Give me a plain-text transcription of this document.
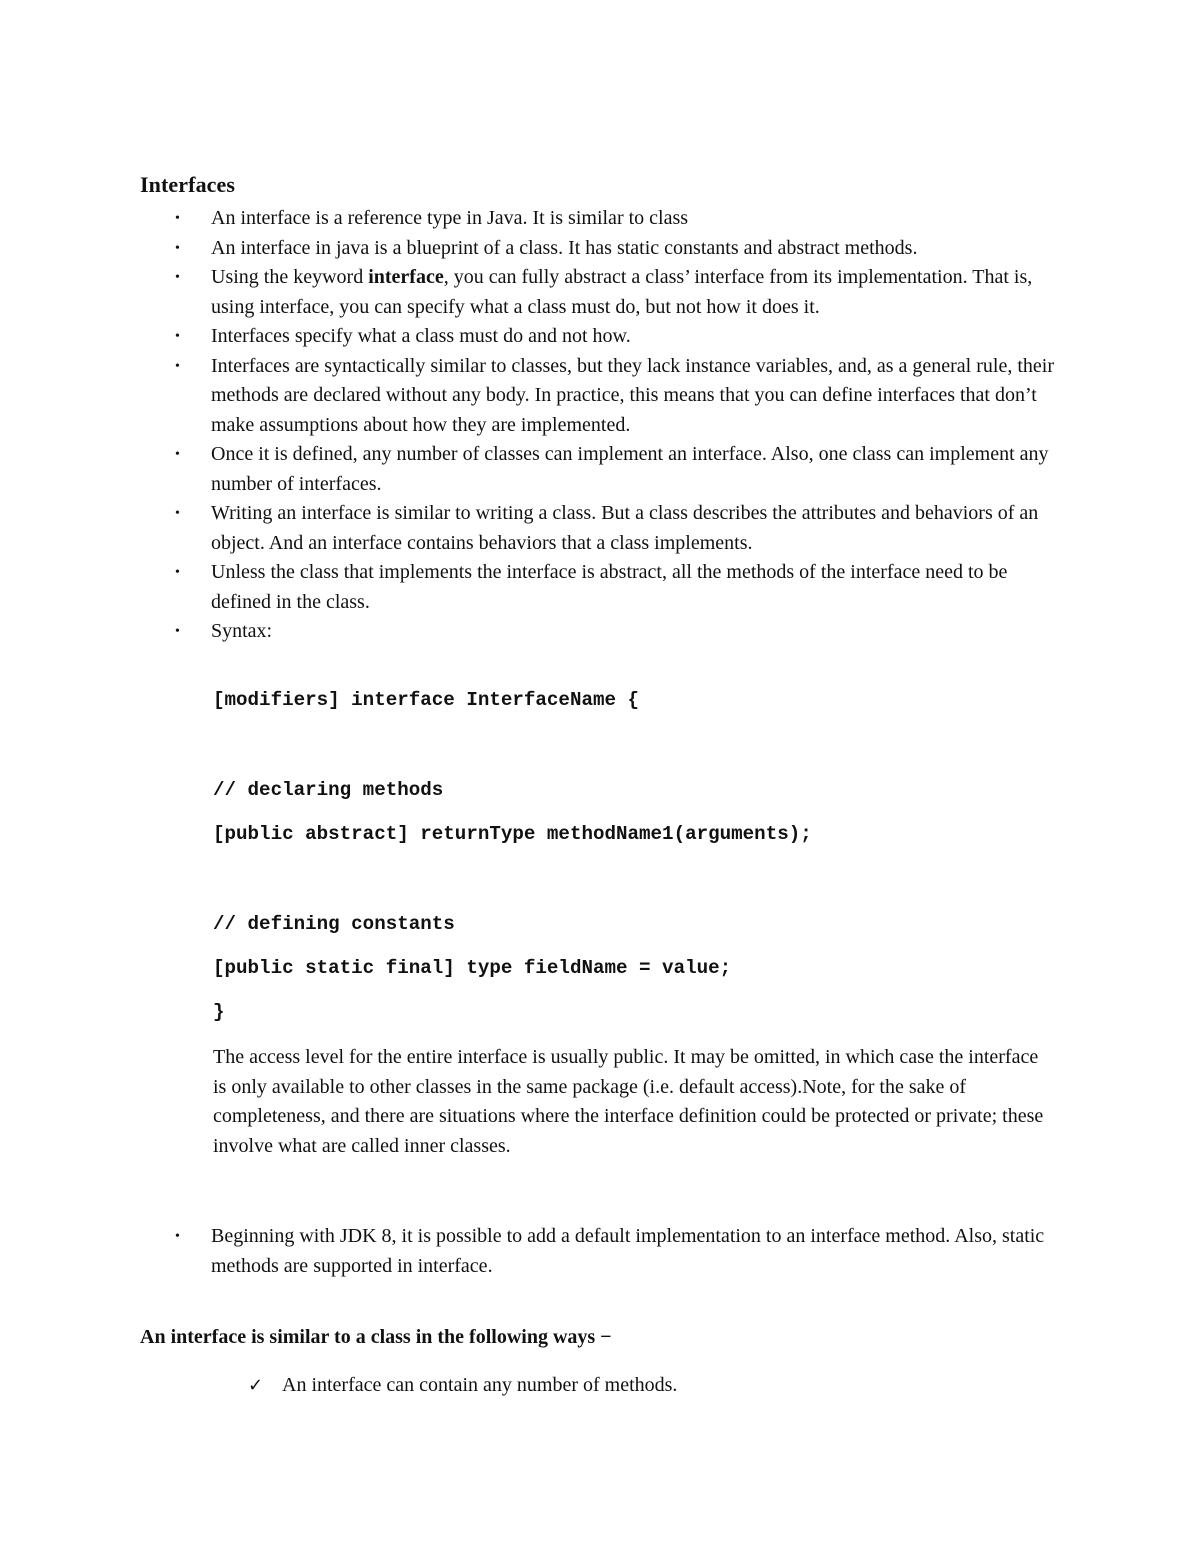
Interfaces
•	An interface is a reference type in Java. It is similar to class
•	An interface in java is a blueprint of a class. It has static constants and abstract methods.
•	Using the keyword interface, you can fully abstract a class’ interface from its implementation. That is, using interface, you can specify what a class must do, but not how it does it.
•	Interfaces specify what a class must do and not how.
•	Interfaces are syntactically similar to classes, but they lack instance variables, and, as a general rule, their methods are declared without any body. In practice, this means that you can define interfaces that don’t make assumptions about how they are implemented.
•	Once it is defined, any number of classes can implement an interface. Also, one class can implement any number of interfaces.
•	Writing an interface is similar to writing a class. But a class describes the attributes and behaviors of an object. And an interface contains behaviors that a class implements.
•	Unless the class that implements the interface is abstract, all the methods of the interface need to be defined in the class.
•	Syntax:
[modifiers] interface InterfaceName {
// declaring methods
[public abstract] returnType methodName1(arguments);
// defining constants
[public static final] type fieldName = value;
}
The access level for the entire interface is usually public. It may be omitted, in which case the interface is only available to other classes in the same package (i.e. default access).Note, for the sake of completeness, and there are situations where the interface definition could be protected or private; these involve what are called inner classes.
•	Beginning with JDK 8, it is possible to add a default implementation to an interface method. Also, static methods are supported in interface.
An interface is similar to a class in the following ways −
✓ An interface can contain any number of methods.
